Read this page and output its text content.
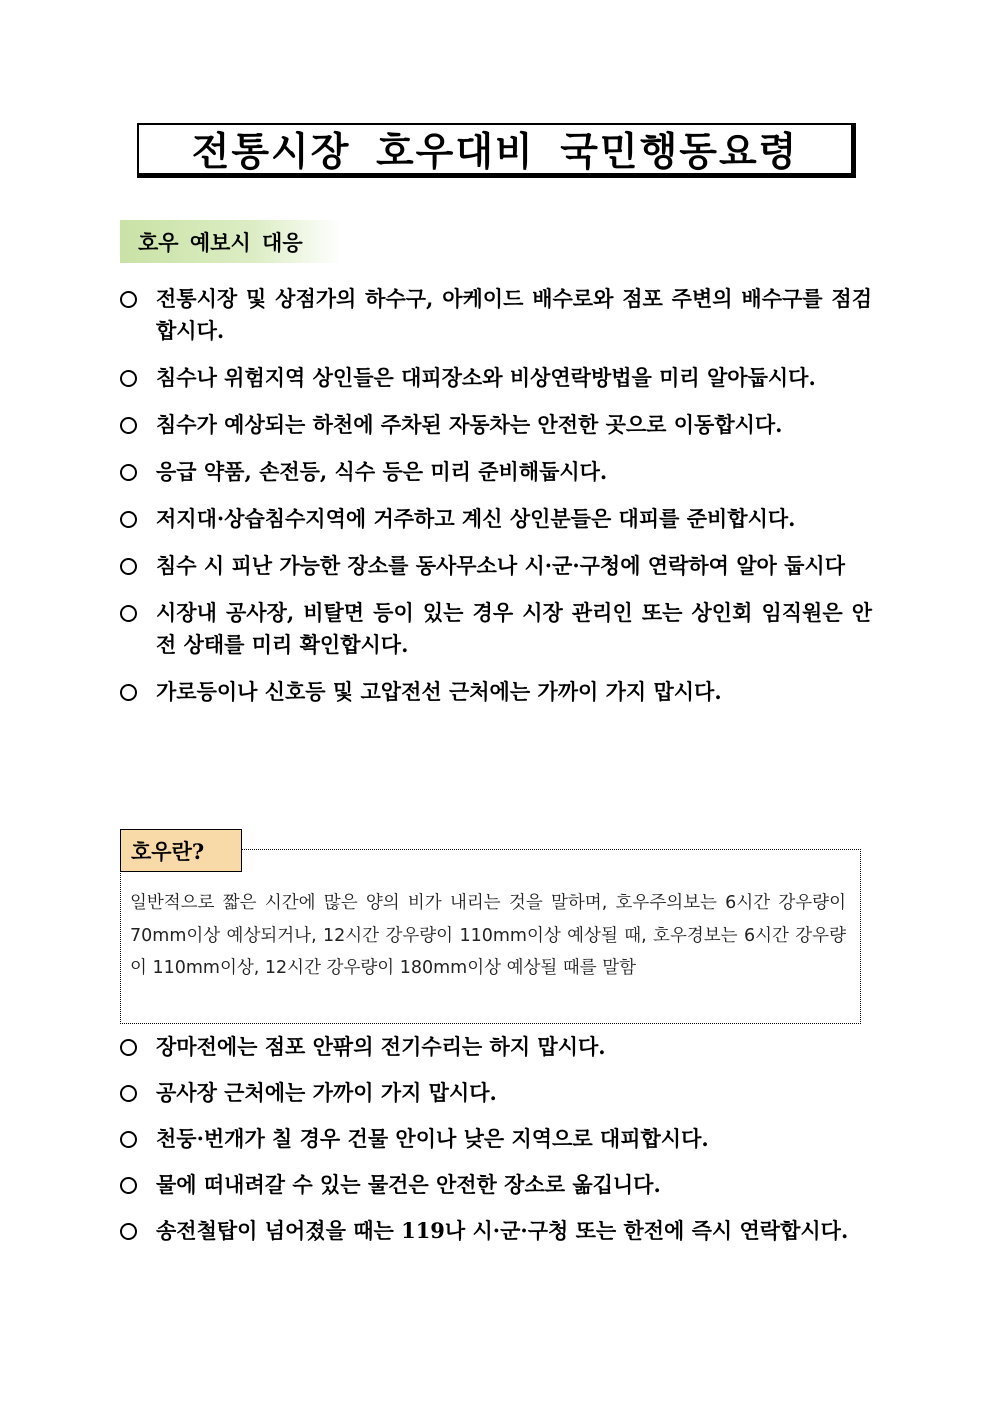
전통시장 호우대비 국민행동요령
호우 예보시 대응
전통시장 및 상점가의 하수구, 아케이드 배수로와 점포 주변의 배수구를 점검합시다.
침수나 위험지역 상인들은 대피장소와 비상연락방법을 미리 알아둡시다.
침수가 예상되는 하천에 주차된 자동차는 안전한 곳으로 이동합시다.
응급 약품, 손전등, 식수 등은 미리 준비해둡시다.
저지대·상습침수지역에 거주하고 계신 상인분들은 대피를 준비합시다.
침수 시 피난 가능한 장소를 동사무소나 시·군·구청에 연락하여 알아 둡시다
시장내 공사장, 비탈면 등이 있는 경우 시장 관리인 또는 상인회 임직원은 안전 상태를 미리 확인합시다.
가로등이나 신호등 및 고압전선 근처에는 가까이 가지 맙시다.
호우란?
일반적으로 짧은 시간에 많은 양의 비가 내리는 것을 말하며, 호우주의보는 6시간 강우량이 70mm이상 예상되거나, 12시간 강우량이 110mm이상 예상될 때, 호우경보는 6시간 강우량이 110mm이상, 12시간 강우량이 180mm이상 예상될 때를 말함
장마전에는 점포 안팎의 전기수리는 하지 맙시다.
공사장 근처에는 가까이 가지 맙시다.
천둥·번개가 칠 경우 건물 안이나 낮은 지역으로 대피합시다.
물에 떠내려갈 수 있는 물건은 안전한 장소로 옮깁니다.
송전철탑이 넘어졌을 때는 119나 시·군·구청 또는 한전에 즉시 연락합시다.
